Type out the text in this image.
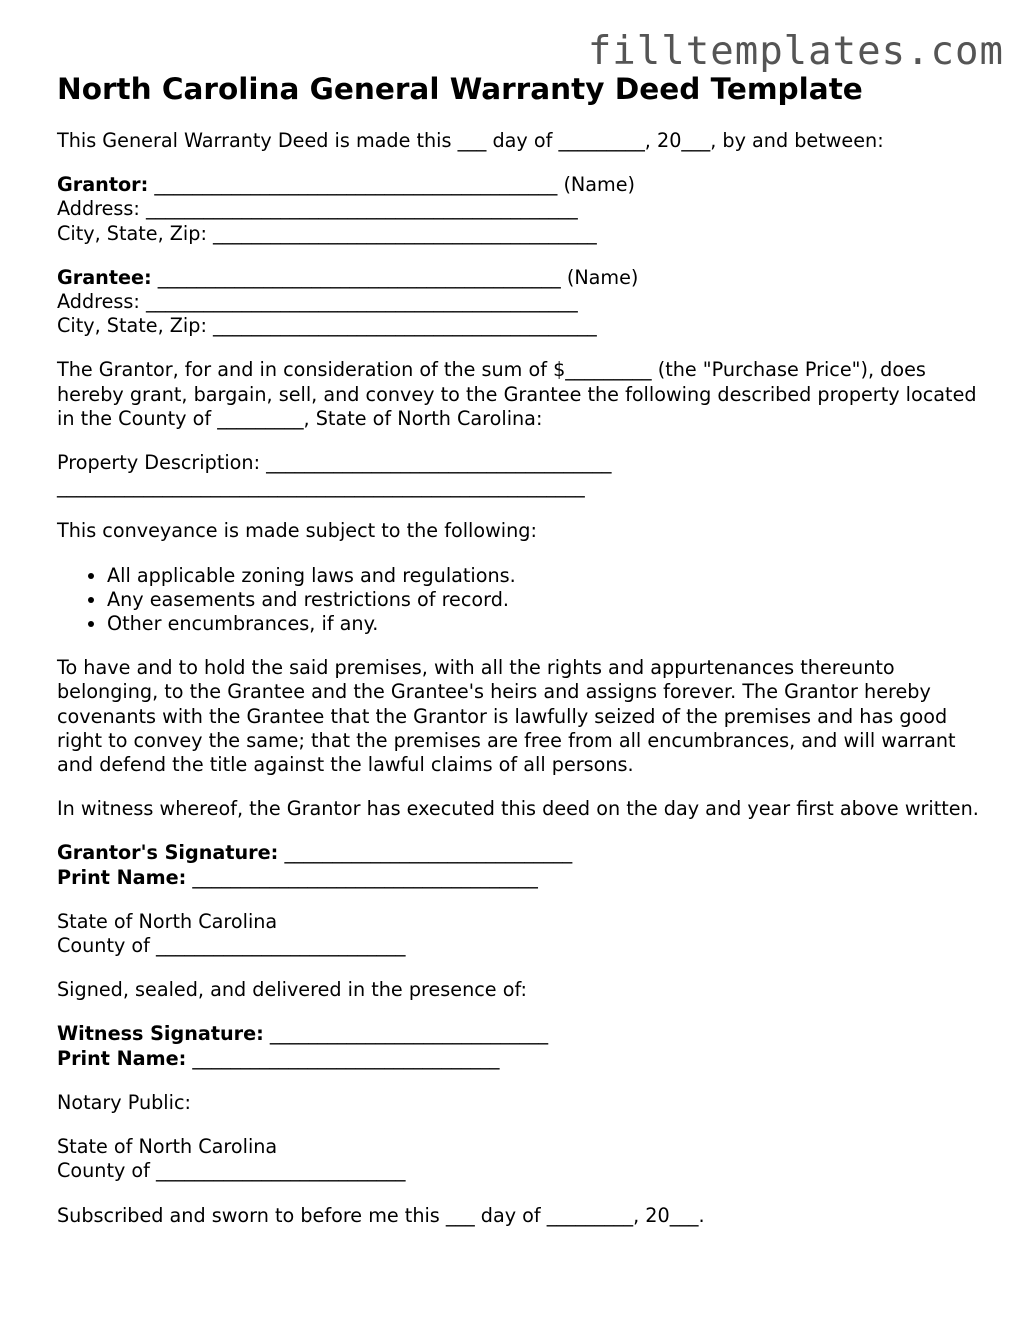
filltemplates.com
North Carolina General Warranty Deed Template

This General Warranty Deed is made this ___ day of _________, 20___, by and between:

Grantor: __________________________________________ (Name)
Address: _____________________________________________
City, State, Zip: ________________________________________
Grantee: __________________________________________ (Name)
Address: _____________________________________________
City, State, Zip: ________________________________________

The Grantor, for and in consideration of the sum of $_________ (the "Purchase Price"), does hereby grant, bargain, sell, and convey to the Grantee the following described property located in the County of _________, State of North Carolina:

Property Description: ____________________________________
_______________________________________________________

This conveyance is made subject to the following:

• All applicable zoning laws and regulations.
• Any easements and restrictions of record.
• Other encumbrances, if any.

To have and to hold the said premises, with all the rights and appurtenances thereunto belonging, to the Grantee and the Grantee's heirs and assigns forever. The Grantor hereby covenants with the Grantee that the Grantor is lawfully seized of the premises and has good right to convey the same; that the premises are free from all encumbrances, and will warrant and defend the title against the lawful claims of all persons.

In witness whereof, the Grantor has executed this deed on the day and year first above written.

Grantor's Signature: ______________________________
Print Name: ____________________________________
State of North Carolina
County of __________________________

Signed, sealed, and delivered in the presence of:

Witness Signature: _____________________________
Print Name: ________________________________

Notary Public:

State of North Carolina
County of __________________________

Subscribed and sworn to before me this ___ day of _________, 20___.
